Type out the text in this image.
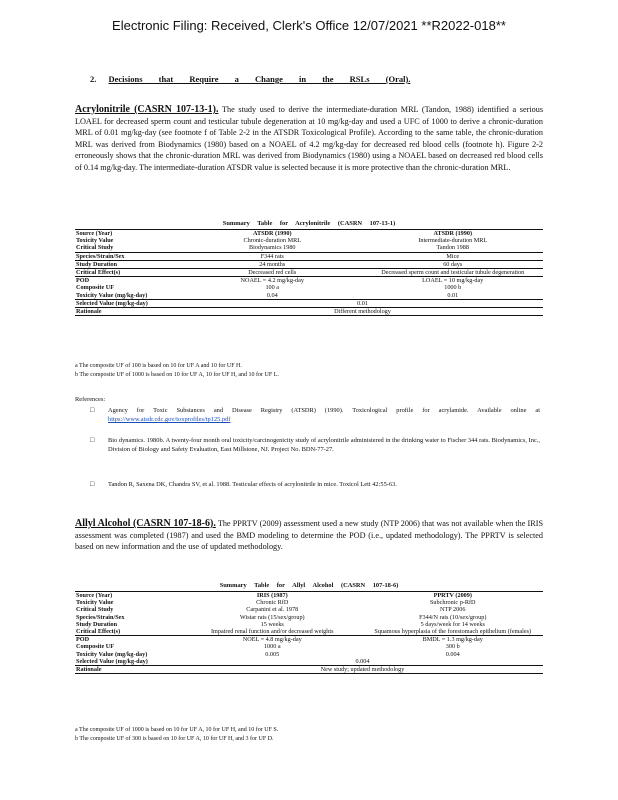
Electronic Filing: Received, Clerk's Office 12/07/2021 **R2022-018**
2. Decisions that Require a Change in the RSLs (Oral).

Acrylonitrile (CASRN 107-13-1). The study used to derive the intermediate-duration MRL (Tandon, 1988) identified a serious LOAEL for decreased sperm count and testicular tubule degeneration at 10 mg/kg-day and used a UFC of 1000 to derive a chronic-duration MRL of 0.01 mg/kg-day (see footnote f of Table 2-2 in the ATSDR Toxicological Profile). According to the same table, the chronic-duration MRL was derived from Biodynamics (1980) based on a NOAEL of 4.2 mg/kg-day for decreased red blood cells (footnote h). Figure 2-2 erroneously shows that the chronic-duration MRL was derived from Biodynamics (1980) using a NOAEL based on decreased red blood cells of 0.14 mg/kg-day. The intermediate-duration ATSDR value is selected because it is more protective than the chronic-duration MRL.

Summary Table for Acrylonitrile (CASRN 107-13-1)
Source (Year)	ATSDR (1990)	ATSDR (1990)
Toxicity Value	Chronic-duration MRL	Intermediate-duration MRL
Critical Study	Biodynamics 1980	Tandon 1988
Species/Strain/Sex	F344 rats	Mice
Study Duration	24 months	60 days
Critical Effect(s)	Decreased red cells	Decreased sperm count and testicular tubule degeneration
POD	NOAEL = 4.2 mg/kg-day	LOAEL = 10 mg/kg-day
Composite UF	100 a	1000 b
Toxicity Value (mg/kg-day)	0.04	0.01
Selected Value (mg/kg-day)	0.01	
Rationale	Different methodology	
a The composite UF of 100 is based on 10 for UF A and 10 for UF H.
b The composite UF of 1000 is based on 10 for UF A, 10 for UF H, and 10 for UF L.
References:
□ Agency for Toxic Substances and Disease Registry (ATSDR) (1990). Toxicological profile for acrylamide. Available online at https://www.atsdr.cdc.gov/toxprofiles/tp125.pdf
□ Bio dynamics. 1980b. A twenty-four month oral toxicity/carcinogenicity study of acrylonitrile administered in the drinking water to Fischer 344 rats. Biodynamics, Inc., Division of Biology and Safety Evaluation, East Millstone, NJ. Project No. BDN-77-27.
□ Tandon R, Saxena DK, Chandra SV, et al. 1988. Testicular effects of acrylonitrile in mice. Toxicol Lett 42:55-63.

Allyl Alcohol (CASRN 107-18-6). The PPRTV (2009) assessment used a new study (NTP 2006) that was not available when the IRIS assessment was completed (1987) and used the BMD modeling to determine the POD (i.e., updated methodology). The PPRTV is selected based on new information and the use of updated methodology.

Summary Table for Allyl Alcohol (CASRN 107-18-6)
Source (Year)	IRIS (1987)	PPRTV (2009)
Toxicity Value	Chronic RfD	Subchronic p-RfD
Critical Study	Carpanini et al. 1978	NTP 2006
Species/Strain/Sex	Wistar rats (15/sex/group)	F344/N rats (10/sex/group)
Study Duration	15 weeks	5 days/week for 14 weeks
Critical Effect(s)	Impaired renal function and/or decreased weights	Squamous hyperplasia of the forestomach epithelium (females)
POD	NOEL = 4.8 mg/kg-day	BMDL = 1.3 mg/kg-day
Composite UF	1000 a	300 b
Toxicity Value (mg/kg-day)	0.005	0.004
Selected Value (mg/kg-day)	0.004	
Rationale	New study; updated methodology	
a The composite UF of 1000 is based on 10 for UF A, 10 for UF H, and 10 for UF S.
b The composite UF of 300 is based on 10 for UF A, 10 for UF H, and 3 for UF D.
